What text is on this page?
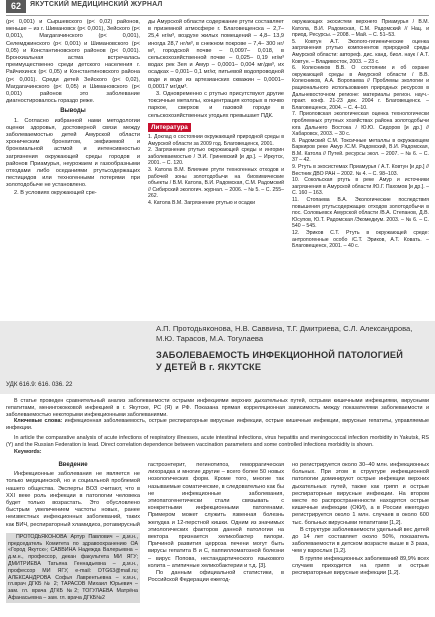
62	ЯКУТСКИЙ МЕДИЦИНСКИЙ ЖУРНАЛ

(p< 0,001) и Сыршевского (p< 0,02) районов, меньше – из г. Шимановск (p< 0,001), Зейского (p< 0,001), Магдагачинского (p< 0,001), Селемджинского (p< 0,001) и Шимановского (p< 0,05) и Константиновского районов (p< 0,001). Бронхиальная астма встречалась преимущественно среди детского населения г. Райчихинск (p< 0,05) и Константиновского района (p< 0,001). Среди детей Зейского (p< 0,02), Магдагачинского (p< 0,05) и Шимановского (p< 0,001) районов это заболевание диагностировалось гораздо реже.

Выводы

1. Согласно избранной нами методологии оценки здоровья, достоверной связи между заболеваемостью детей Амурской области хроническим бронхитом, эмфиземой и бронхиальной астмой и интенсивностью загрязнения окружающей среды городов и районов Приамурья, неурожаем и газообразными отходами либо оседаниями ртутьсодержащих пестицидов или техногенными потерями при золотодобыче не установлено.

2. В условиях окружающей сре-

ды Амурской области содержание ртути составляет в приземной атмосфере г. Благовещенска – 2,7– 25,4 нг/м³, воздухе жилых помещений – 4,8– 13,9 иногда 28,7 нг/м³, в снежном покрове – 7,4– 300 нг/м³, городской почве – 0,0097– 0,018, в сельскохозяйственной почве – 0,025– 0,19 нг/м³ водах рек Зея и Амур – 0,0001– 0,004 мг/дм³, их осадках – 0,001– 0,1 мг/кг, питьевой водопроводной воде и воде из артезианских скважин – 0,0001– 0,00017 мг/дм³.

3. Одновременно с ртутью присутствуют другие токсичные металлы, концентрация которых в почво паркое, сверхов и газовой городе в сельскохозяйственных угодьях превышает ПДК.

Литература

1. Доклад о состоянии окружающей природной среды в Амурской области за 2009 год. Благовещенск, 2001.

2. Загрязнение ртутью окружающей среды и ингорин заболеваемостью / Э.И. Гриневский [и др.]. – Иркутск, 2001. – С. 120.

3. Катола В.М. Влияние ртути техногенных отходов и рабочей зоны золотодобычи на биохимические объекты / В.М. Катола, В.И. Радомская, С.М. Радомский // Сибирский экологич. журнал. – 2006. – № 5. – С. 255–262.

4. Катола В.М. Загрязнение ртутью и осадки

окружающих экосистем верхнего Приамурья / В.М. Катола, В.И. Радомская, С.М. Радомский // Нац. и приод. Ресурсы. – 2008. – Май. – С. 51–53.

5. Ковтун А.Т. Эколого-гигиенические оценка загрязнения ртутью компонентов природной среды Амурской области: автореф. дис. канд. биол. наук / А.Т. Ковтун. – Владивосток, 2003. – 23 с.

6. Колесников В.В. О состоянии и об охране окружающей среды в Амурской области / В.В. Колесников, А.А. Воропаева // Проблемы экологии и рационального использования природных ресурсов в Дальневосточном регионе: материалы регион. науч.-практ. конф. 21-23 дек. 2004 г. Благовещенск. – Благовещенск, 2004. – С. 4–10.

7. Приоловская экологическая оценка технологически проблемных ртутных хозяйствах района золотодобычи юга Дальнего Востока / Ю.Ю. Сидоров [и др.] // Хабаровск, 2003. – 30 с.

8. Радомский С.М. Токсичные металлы в окружающем Баркиров реке Амур /С.М. Радомский, В.И. Радомская, В.М. Катола // Путей. ресурсы экол. – 2007. – № 6. – С. 37 – 42.

9. Ртуть в экосистемах Приамурья / А.Т. Ковтун [и др.] // Вестник ДВО РАН – 2002. № 4. – С. 98–103.

10. Сокольская ртуть в реке Амур и источники загрязнения в Амурской области /Ю.Г. Пахомов [и др.]. – С. 160 – 163.

11. Стопаева В.А. Экологические последствия повышения ртутьсодержащих отходов золотодобычи в пос. Соловьевск Амурской области /В.А. Степанов, Д.В. Юсупов, Ю.Т. Радомская /Экомедиум. 2003. – № 6. – С. 540 – 545.

12. Эриков С.Т. Ртуть в окружающей среде: антропогенные особо /С.Т. Эриков, А.Т. Ковать. – Благовещенск, 2001. – 40 с.

УДК 616.9: 616. 036. 22
А.П. Протодьяконова, Н.В. Саввина, Т.Г. Дмитриева, С.Л. Александрова,
М.Ю. Тарасов, М.А. Тогулаева
ЗАБОЛЕВАЕМОСТЬ ИНФЕКЦИОННОЙ ПАТОЛОГИЕЙ
У ДЕТЕЙ В г. ЯКУТСКЕ

В статье проведен сравнительный анализ заболеваемости острыми инфекциями верхних дыхательных путей, острыми кишечными инфекциями, вирусными гепатитами, менингококковой инфекцией в г. Якутске, РС (Я) и РФ. Показана прямая корреляционная зависимость между показателями заболеваемости и заболеваемостью некоторыми инфекционными заболеваниями.

Ключевые слова: инфекционная заболеваемость, острые респираторные вирусные инфекции, острые кишечные инфекции, вирусные гепатиты, управляемые инфекции.

In article the comparative analysis of acute infections of respiratory illnesses, acute intestinal infections, virus hepatitis and meningococcal infection morbidity in Yakutsk, RS (Y) and the Russian Federation is lead. Direct correlation dependence between vaccination parameters and some controlled infections morbidity is shown.

Keywords:

Введение

Инфекционные заболевания не является не только медицинской, но и социальной проблемой нашего общества. Эксперты ВОЗ считают, что в XXI веке роль инфекции в патологии человека будет только возрастать. Это обусловлено быстрым увеличением частоты новых, ранее неизвестных инфекционных заболеваний, таких как ВИЧ, респираторный хламидиоз, ротавирусный

ПРОТОДЬЯКОНОВА Артур Павлович – д.м.н., председатель Комитета по здравоохранению ОА «Город Якутск»; САВВИНА Надежда Валерьевна – д.м.н., профессор, декан факультета МИ ЯГУ; ДМИТРИЕВА Татьяна Геннадьевна – д.м.н., профессор МИ ЯГУ, e-mail: DTG63@mail.ru; АЛЕКСАНДРОВА Софья Лаврентьевна – к.м.н., гл.врач ДГКБ № 2; ТАРАСОВ Михаил Юрьевич – зам. гл. врача ДГКБ №2; ТОГУЛАЕВА Матрёна Афанасьевна – зам. гл. врача ДГКБ№2

гастроэнтерит, пегинотипоз, геморрагическая лихорадка и многие другие – всего более 50 новых нозологических форм. Кроме того, многие так называемые соматические, в следовательно как бы не инфекционные заболевания, этиопатогенетически стали связывать с конкретными инфекционными патогенами. Примером может служить язвенная болезнь желудка и 12-перстной кишки. Одним из значимых этиологических факторов данной патологии на вектора признается хеликобактер пилори. Причиной развития церроза печени могут быть вирусы гепатита В и С, паппилломатозной болезни – вирус Попова, нестандартического языкового колита – атипичные хеликобактерии и т.д. [3].

По данным официальной статистики, в Российской Федерации ежегод-

но регистрируется около 30–40 млн. инфекционных больных. При этом в структуре инфекционной патологии доминируют острые инфекции верхних дыхательных путей, также как грипп и острые респираторные вирусные инфекции. На втором месте по распространенности находятся острые кишечные инфекции (ОКИ), а в России ежегодно регистрируется около 1 млн. случаев в около 600 тыс. больных вирусными гепатитами [1,2].

В структуре заболеваемости удельный вес детей до 14 лет составляет около 50%, показатель заболеваемости в детском возрасте выше в 3 раза, чем у взрослых [1,2].

В группе инфекционных заболеваний 89,9% всех случаев приходится на грипп и острые респираторные вирусные инфекции [1,2].
